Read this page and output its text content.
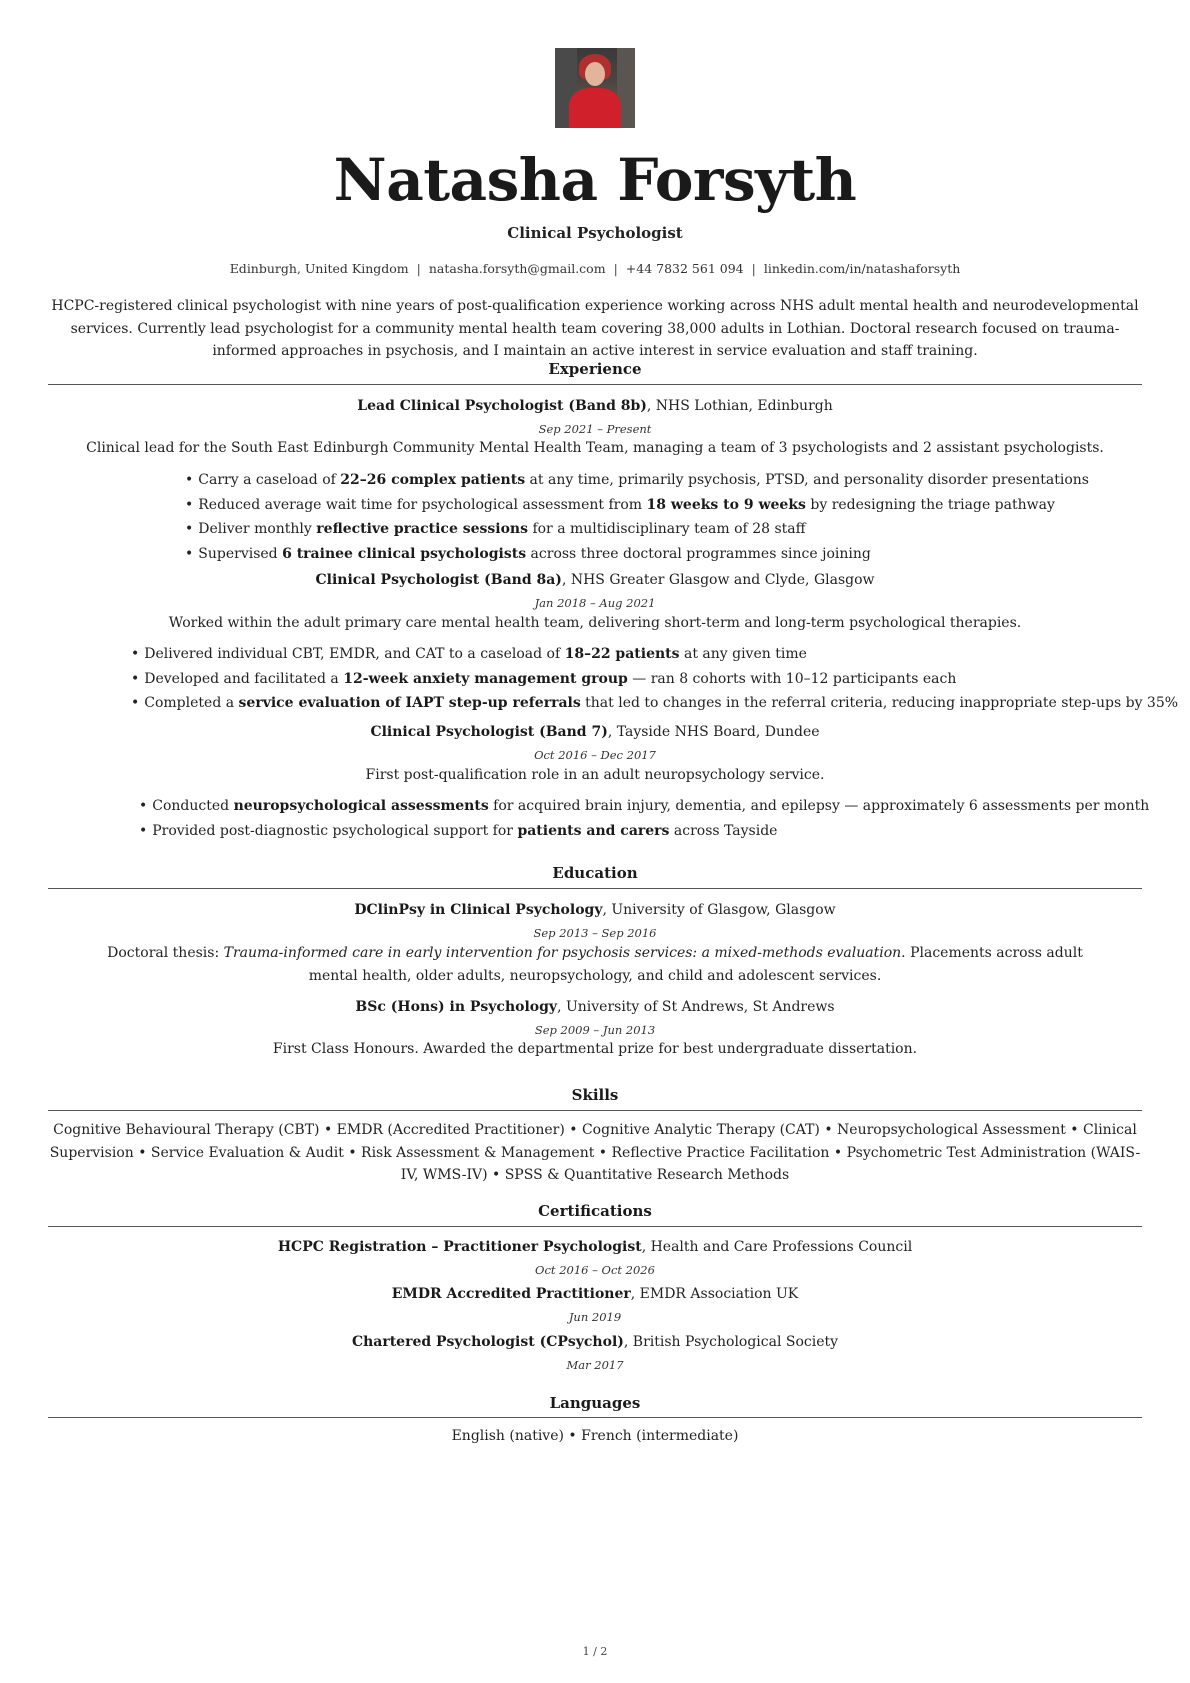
Natasha Forsyth
Clinical Psychologist
Edinburgh, United Kingdom | natasha.forsyth@gmail.com | +44 7832 561 094 | linkedin.com/in/natashaforsyth
HCPC-registered clinical psychologist with nine years of post-qualification experience working across NHS adult mental health and neurodevelopmental services. Currently lead psychologist for a community mental health team covering 38,000 adults in Lothian. Doctoral research focused on trauma-informed approaches in psychosis, and I maintain an active interest in service evaluation and staff training.
Experience
Lead Clinical Psychologist (Band 8b), NHS Lothian, Edinburgh
Sep 2021 – Present
Clinical lead for the South East Edinburgh Community Mental Health Team, managing a team of 3 psychologists and 2 assistant psychologists.
• Carry a caseload of 22–26 complex patients at any time, primarily psychosis, PTSD, and personality disorder presentations
• Reduced average wait time for psychological assessment from 18 weeks to 9 weeks by redesigning the triage pathway
• Deliver monthly reflective practice sessions for a multidisciplinary team of 28 staff
• Supervised 6 trainee clinical psychologists across three doctoral programmes since joining
Clinical Psychologist (Band 8a), NHS Greater Glasgow and Clyde, Glasgow
Jan 2018 – Aug 2021
Worked within the adult primary care mental health team, delivering short-term and long-term psychological therapies.
• Delivered individual CBT, EMDR, and CAT to a caseload of 18–22 patients at any given time
• Developed and facilitated a 12-week anxiety management group — ran 8 cohorts with 10–12 participants each
• Completed a service evaluation of IAPT step-up referrals that led to changes in the referral criteria, reducing inappropriate step-ups by 35%
Clinical Psychologist (Band 7), Tayside NHS Board, Dundee
Oct 2016 – Dec 2017
First post-qualification role in an adult neuropsychology service.
• Conducted neuropsychological assessments for acquired brain injury, dementia, and epilepsy — approximately 6 assessments per month
• Provided post-diagnostic psychological support for patients and carers across Tayside
Education
DClinPsy in Clinical Psychology, University of Glasgow, Glasgow
Sep 2013 – Sep 2016
Doctoral thesis: Trauma-informed care in early intervention for psychosis services: a mixed-methods evaluation. Placements across adult mental health, older adults, neuropsychology, and child and adolescent services.
BSc (Hons) in Psychology, University of St Andrews, St Andrews
Sep 2009 – Jun 2013
First Class Honours. Awarded the departmental prize for best undergraduate dissertation.
Skills
Cognitive Behavioural Therapy (CBT) • EMDR (Accredited Practitioner) • Cognitive Analytic Therapy (CAT) • Neuropsychological Assessment • Clinical Supervision • Service Evaluation & Audit • Risk Assessment & Management • Reflective Practice Facilitation • Psychometric Test Administration (WAIS-IV, WMS-IV) • SPSS & Quantitative Research Methods
Certifications
HCPC Registration – Practitioner Psychologist, Health and Care Professions Council
Oct 2016 – Oct 2026
EMDR Accredited Practitioner, EMDR Association UK
Jun 2019
Chartered Psychologist (CPsychol), British Psychological Society
Mar 2017
Languages
English (native) • French (intermediate)
1 / 2
